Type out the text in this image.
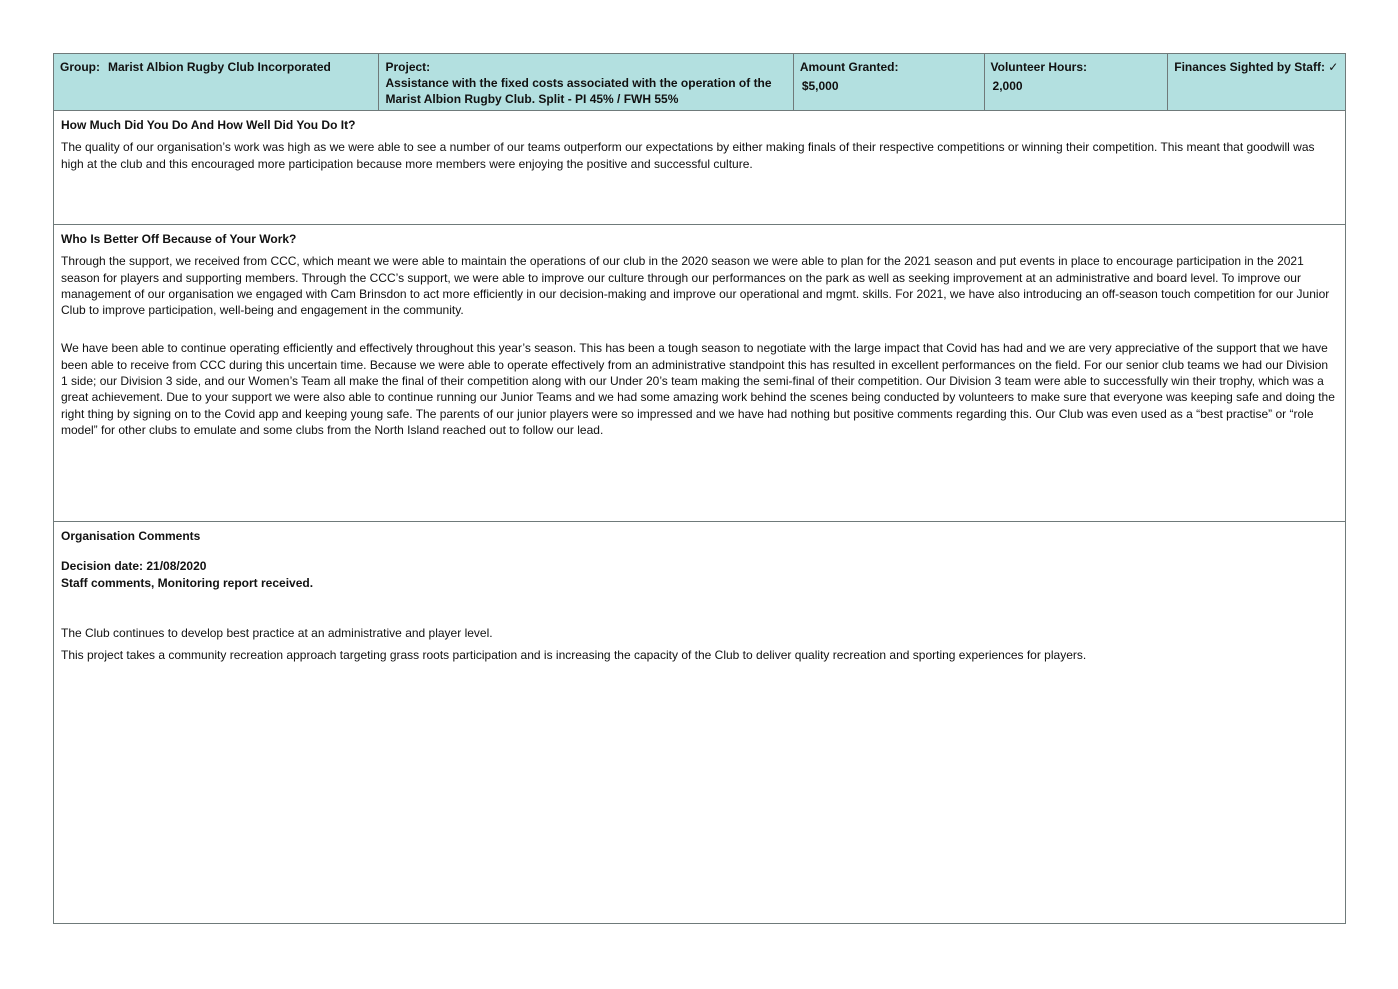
Group: Marist Albion Rugby Club Incorporated	Project:
Assistance with the fixed costs associated with the operation of the Marist Albion Rugby Club. Split - PI 45% / FWH 55%
Amount Granted:
$5,000
Volunteer Hours:
2,000
Finances Sighted by Staff: ✓

How Much Did You Do And How Well Did You Do It?

The quality of our organisation’s work was high as we were able to see a number of our teams outperform our expectations by either making finals of their respective competitions or winning their competition. This meant that goodwill was high at the club and this encouraged more participation because more members were enjoying the positive and successful culture.

Who Is Better Off Because of Your Work?

Through the support, we received from CCC, which meant we were able to maintain the operations of our club in the 2020 season we were able to plan for the 2021 season and put events in place to encourage participation in the 2021 season for players and supporting members. Through the CCC’s support, we were able to improve our culture through our performances on the park as well as seeking improvement at an administrative and board level. To improve our management of our organisation we engaged with Cam Brinsdon to act more efficiently in our decision-making and improve our operational and mgmt. skills. For 2021, we have also introducing an off-season touch competition for our Junior Club to improve participation, well-being and engagement in the community.

We have been able to continue operating efficiently and effectively throughout this year’s season. This has been a tough season to negotiate with the large impact that Covid has had and we are very appreciative of the support that we have been able to receive from CCC during this uncertain time. Because we were able to operate effectively from an administrative standpoint this has resulted in excellent performances on the field. For our senior club teams we had our Division 1 side; our Division 3 side, and our Women’s Team all make the final of their competition along with our Under 20’s team making the semi-final of their competition. Our Division 3 team were able to successfully win their trophy, which was a great achievement. Due to your support we were also able to continue running our Junior Teams and we had some amazing work behind the scenes being conducted by volunteers to make sure that everyone was keeping safe and doing the right thing by signing on to the Covid app and keeping young safe. The parents of our junior players were so impressed and we have had nothing but positive comments regarding this. Our Club was even used as a “best practise” or “role model” for other clubs to emulate and some clubs from the North Island reached out to follow our lead.

Organisation Comments

Decision date: 21/08/2020

Staff comments, Monitoring report received.

The Club continues to develop best practice at an administrative and player level.

This project takes a community recreation approach targeting grass roots participation and is increasing the capacity of the Club to deliver quality recreation and sporting experiences for players.
